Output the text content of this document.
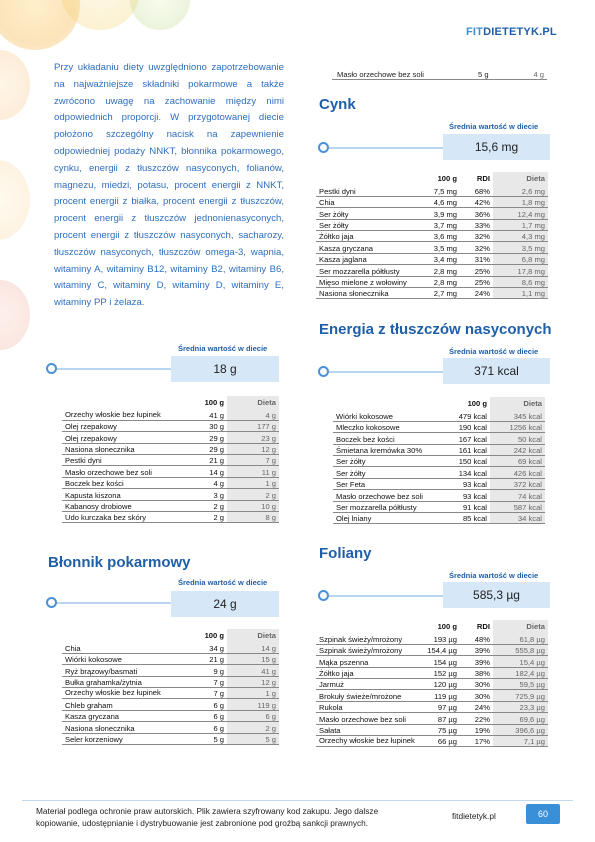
FITDIETETYK.PL
Przy układaniu diety uwzględniono zapotrzebowanie na najważniejsze składniki pokarmowe a także zwrócono uwagę na zachowanie między nimi odpowiednich proporcji. W przygotowanej diecie położono szczególny nacisk na zapewnienie odpowiedniej podaży NNKT, błonnika pokarmowego, cynku, energii z tłuszczów nasyconych, folianów, magnezu, miedzi, potasu, procent energii z NNKT, procent energii z białka, procent energii z tłuszczów, procent energii z tłuszczów jednonienasyconych, procent energii z tłuszczów nasyconych, sacharozy, tłuszczów nasyconych, tłuszczów omega-3, wapnia, witaminy A, witaminy B12, witaminy B2, witaminy B6, witaminy C, witaminy D, witaminy D, witaminy E, witaminy PP i żelaza.
Masło orzechowe bez soli	5 g	4 g
Średnia wartość w diecie
18 g
	100 g	Dieta
Orzechy włoskie bez łupinek	41 g	4 g
Olej rzepakowy	30 g	177 g
Olej rzepakowy	29 g	23 g
Nasiona słonecznika	29 g	12 g
Pestki dyni	21 g	7 g
Masło orzechowe bez soli	14 g	11 g
Boczek bez kości	4 g	1 g
Kapusta kiszona	3 g	2 g
Kabanosy drobiowe	2 g	10 g
Udo kurczaka bez skóry	2 g	8 g
Błonnik pokarmowy
Średnia wartość w diecie
24 g
	100 g	Dieta
Chia	34 g	14 g
Wiórki kokosowe	21 g	15 g
Ryż brązowy/basmati	9 g	41 g
Bułka grahamka/żytnia	7 g	12 g
Orzechy włoskie bez łupinek	7 g	1 g
Chleb graham	6 g	119 g
Kasza gryczana	6 g	6 g
Nasiona słonecznika	6 g	2 g
Seler korzeniowy	5 g	5 g
Cynk
Średnia wartość w diecie
15,6 mg
	100 g	RDI	Dieta
Pestki dyni	7,5 mg	68%	2,6 mg
Chia	4,6 mg	42%	1,8 mg
Ser żółty	3,9 mg	36%	12,4 mg
Ser żółty	3,7 mg	33%	1,7 mg
Żółtko jaja	3,6 mg	32%	4,3 mg
Kasza gryczana	3,5 mg	32%	3,5 mg
Kasza jaglana	3,4 mg	31%	6,8 mg
Ser mozzarella półtłusty	2,8 mg	25%	17,8 mg
Mięso mielone z wołowiny	2,8 mg	25%	8,6 mg
Nasiona słonecznika	2,7 mg	24%	1,1 mg
Energia z tłuszczów nasyconych
Średnia wartość w diecie
371 kcal
	100 g	Dieta
Wiórki kokosowe	479 kcal	345 kcal
Mleczko kokosowe	190 kcal	1256 kcal
Boczek bez kości	167 kcal	50 kcal
Śmietana kremówka 30%	161 kcal	242 kcal
Ser żółty	150 kcal	69 kcal
Ser żółty	134 kcal	426 kcal
Ser Feta	93 kcal	372 kcal
Masło orzechowe bez soli	93 kcal	74 kcal
Ser mozzarella półtłusty	91 kcal	587 kcal
Olej lniany	85 kcal	34 kcal
Foliany
Średnia wartość w diecie
585,3 µg
	100 g	RDI	Dieta
Szpinak świeży/mrożony	193 µg	48%	61,8 µg
Szpinak świeży/mrożony	154,4 µg	39%	555,8 µg
Mąka pszenna	154 µg	39%	15,4 µg
Żółtko jaja	152 µg	38%	182,4 µg
Jarmuż	120 µg	30%	59,5 µg
Brokuły świeże/mrożone	119 µg	30%	725,9 µg
Rukola	97 µg	24%	23,3 µg
Masło orzechowe bez soli	87 µg	22%	69,6 µg
Sałata	75 µg	19%	396,6 µg
Orzechy włoskie bez łupinek	66 µg	17%	7,1 µg
Materiał podlega ochronie praw autorskich. Plik zawiera szyfrowany kod zakupu. Jego dalsze kopiowanie, udostępnianie i dystrybuowanie jest zabronione pod groźbą sankcji prawnych.
fitdietetyk.pl	60
